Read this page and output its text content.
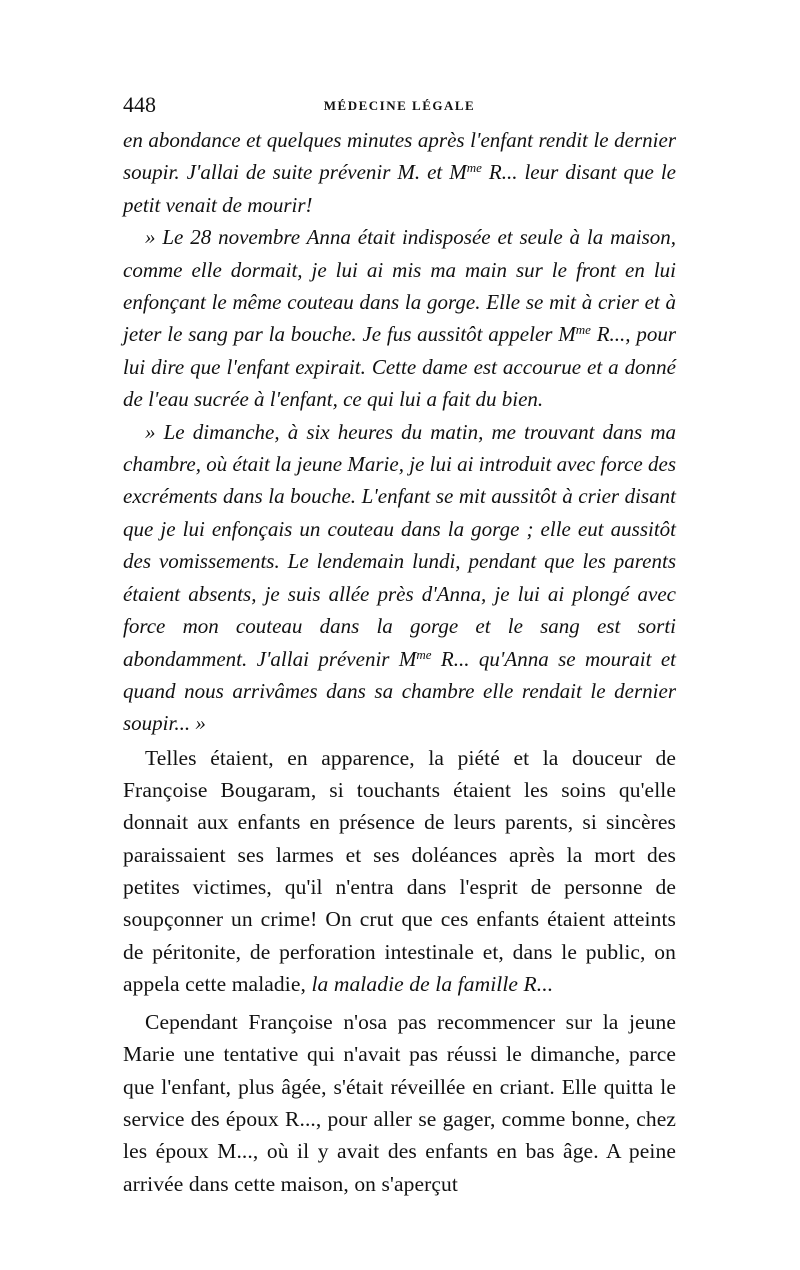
448	MÉDECINE LÉGALE

en abondance et quelques minutes après l'enfant rendit le dernier soupir. J'allai de suite prévenir M. et $M^{me}$ R... leur disant que le petit venait de mourir!

» Le 28 novembre Anna était indisposée et seule à la maison, comme elle dormait, je lui ai mis ma main sur le front en lui enfonçant le même couteau dans la gorge. Elle se mit à crier et à jeter le sang par la bouche. Je fus aussitôt appeler $M^{me}$ R..., pour lui dire que l'enfant expirait. Cette dame est accourue et a donné de l'eau sucrée à l'enfant, ce qui lui a fait du bien.

» Le dimanche, à six heures du matin, me trouvant dans ma chambre, où était la jeune Marie, je lui ai introduit avec force des excréments dans la bouche. L'enfant se mit aussitôt à crier disant que je lui enfonçais un couteau dans la gorge ; elle eut aussitôt des vomissements. Le lendemain lundi, pendant que les parents étaient absents, je suis allée près d'Anna, je lui ai plongé avec force mon couteau dans la gorge et le sang est sorti abondamment. J'allai prévenir $M^{me}$ R... qu'Anna se mourait et quand nous arrivâmes dans sa chambre elle rendait le dernier soupir... »

Telles étaient, en apparence, la piété et la douceur de Françoise Bougaram, si touchants étaient les soins qu'elle donnait aux enfants en présence de leurs parents, si sincères paraissaient ses larmes et ses doléances après la mort des petites victimes, qu'il n'entra dans l'esprit de personne de soupçonner un crime! On crut que ces enfants étaient atteints de péritonite, de perforation intestinale et, dans le public, on appela cette maladie, la maladie de la famille R...

Cependant Françoise n'osa pas recommencer sur la jeune Marie une tentative qui n'avait pas réussi le dimanche, parce que l'enfant, plus âgée, s'était réveillée en criant. Elle quitta le service des époux R..., pour aller se gager, comme bonne, chez les époux M..., où il y avait des enfants en bas âge. A peine arrivée dans cette maison, on s'aperçut
